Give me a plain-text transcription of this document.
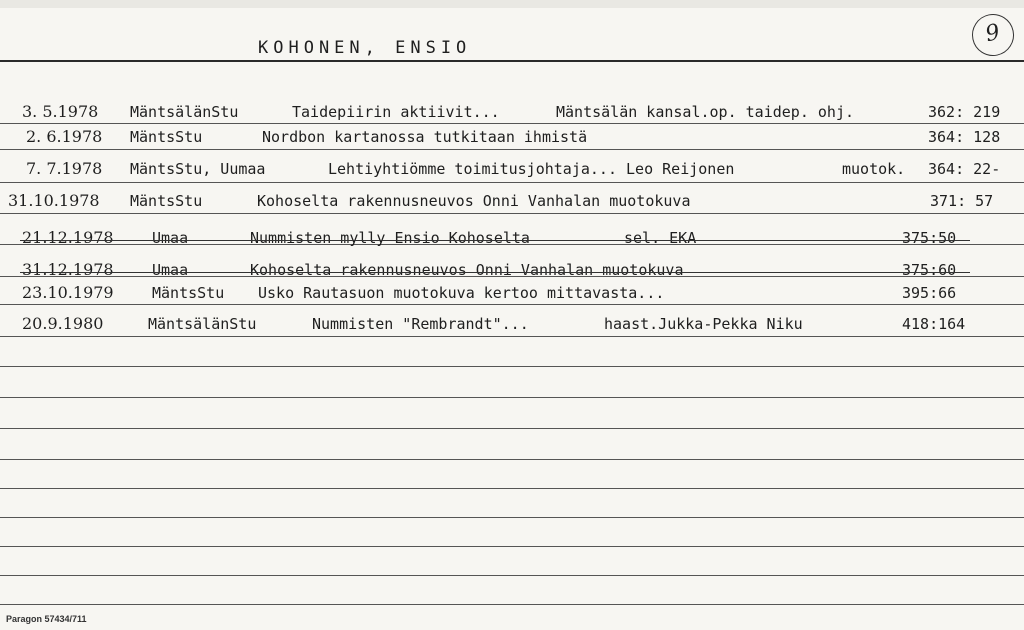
KOHONEN, ENSIO
9
3. 5.1978 MäntsälänStu	Taidepiirin aktiivit...	Mäntsälän kansal.op. taidep. ohj.	362: 219
2. 6.1978 MäntsStu	Nordbon kartanossa tutkitaan ihmistä	364: 128
7. 7.1978 MäntsStu, Uumaa	Lehtiyhtiömme toimitusjohtaja... Leo Reijonen	muotok. 364: 22-
31.10.1978 MäntsStu	Kohoselta rakennusneuvos Onni Vanhalan muotokuva	371: 57
21.12.1978	Umaa	Nummisten mylly Ensio Kohoselta	sel. EKA	375:50
31.12.1978	Umaa	Kohoselta rakennusneuvos Onni Vanhalan muotokuva	375:60
23.10.1979	MäntsStu Usko Rautasuon muotokuva kertoo mittavasta...	395:66
20.9.1980	MäntsälänStu	Nummisten "Rembrandt"...	haast.Jukka-Pekka Niku	418:164
Paragon 57434/711
